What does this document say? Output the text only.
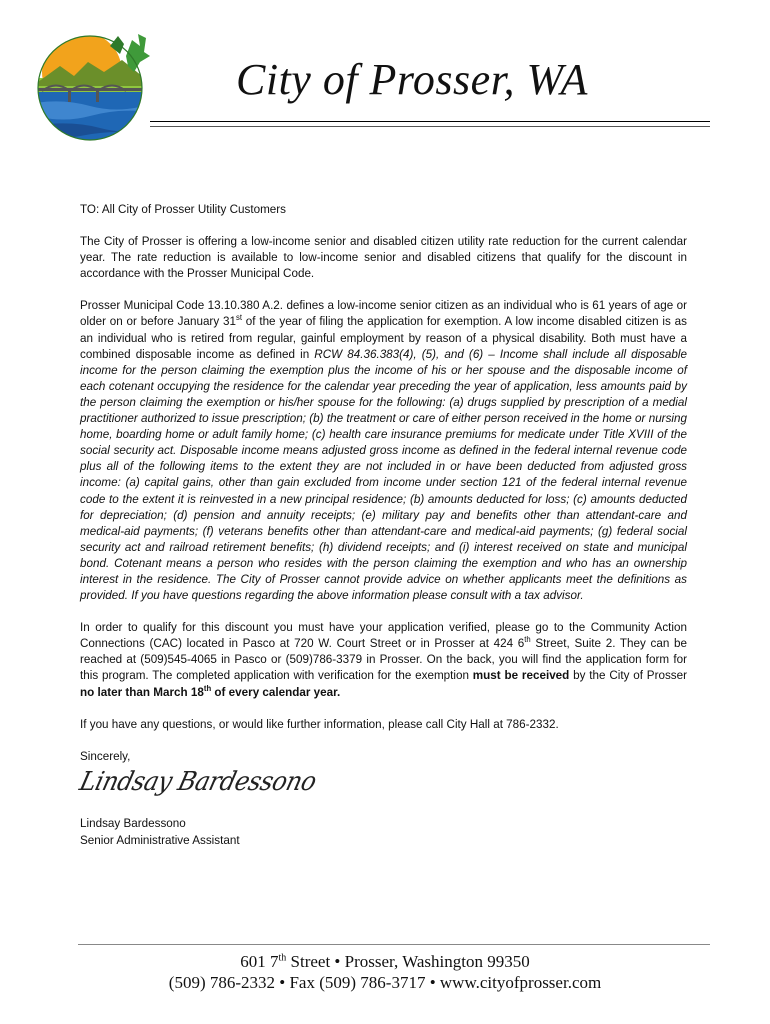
City of Prosser, WA

TO: All City of Prosser Utility Customers

The City of Prosser is offering a low-income senior and disabled citizen utility rate reduction for the current calendar year. The rate reduction is available to low-income senior and disabled citizens that qualify for the discount in accordance with the Prosser Municipal Code.

Prosser Municipal Code 13.10.380 A.2. defines a low-income senior citizen as an individual who is 61 years of age or older on or before January 31st of the year of filing the application for exemption. A low income disabled citizen is as an individual who is retired from regular, gainful employment by reason of a physical disability. Both must have a combined disposable income as defined in RCW 84.36.383(4), (5), and (6) – Income shall include all disposable income for the person claiming the exemption plus the income of his or her spouse and the disposable income of each cotenant occupying the residence for the calendar year preceding the year of application, less amounts paid by the person claiming the exemption or his/her spouse for the following: (a) drugs supplied by prescription of a medial practitioner authorized to issue prescription; (b) the treatment or care of either person received in the home or nursing home, boarding home or adult family home; (c) health care insurance premiums for medicate under Title XVIII of the social security act. Disposable income means adjusted gross income as defined in the federal internal revenue code plus all of the following items to the extent they are not included in or have been deducted from adjusted gross income: (a) capital gains, other than gain excluded from income under section 121 of the federal internal revenue code to the extent it is reinvested in a new principal residence; (b) amounts deducted for loss; (c) amounts deducted for depreciation; (d) pension and annuity receipts; (e) military pay and benefits other than attendant-care and medical-aid payments; (f) veterans benefits other than attendant-care and medical-aid payments; (g) federal social security act and railroad retirement benefits; (h) dividend receipts; and (i) interest received on state and municipal bond. Cotenant means a person who resides with the person claiming the exemption and who has an ownership interest in the residence. The City of Prosser cannot provide advice on whether applicants meet the definitions as provided. If you have questions regarding the above information please consult with a tax advisor.

In order to qualify for this discount you must have your application verified, please go to the Community Action Connections (CAC) located in Pasco at 720 W. Court Street or in Prosser at 424 6th Street, Suite 2. They can be reached at (509)545-4065 in Pasco or (509)786-3379 in Prosser. On the back, you will find the application form for this program. The completed application with verification for the exemption must be received by the City of Prosser no later than March 18th of every calendar year.

If you have any questions, or would like further information, please call City Hall at 786-2332.

Sincerely,

Lindsay Bardessono
Lindsay Bardessono
Senior Administrative Assistant
601 7th Street • Prosser, Washington 99350
(509) 786-2332 • Fax (509) 786-3717 • www.cityofprosser.com
